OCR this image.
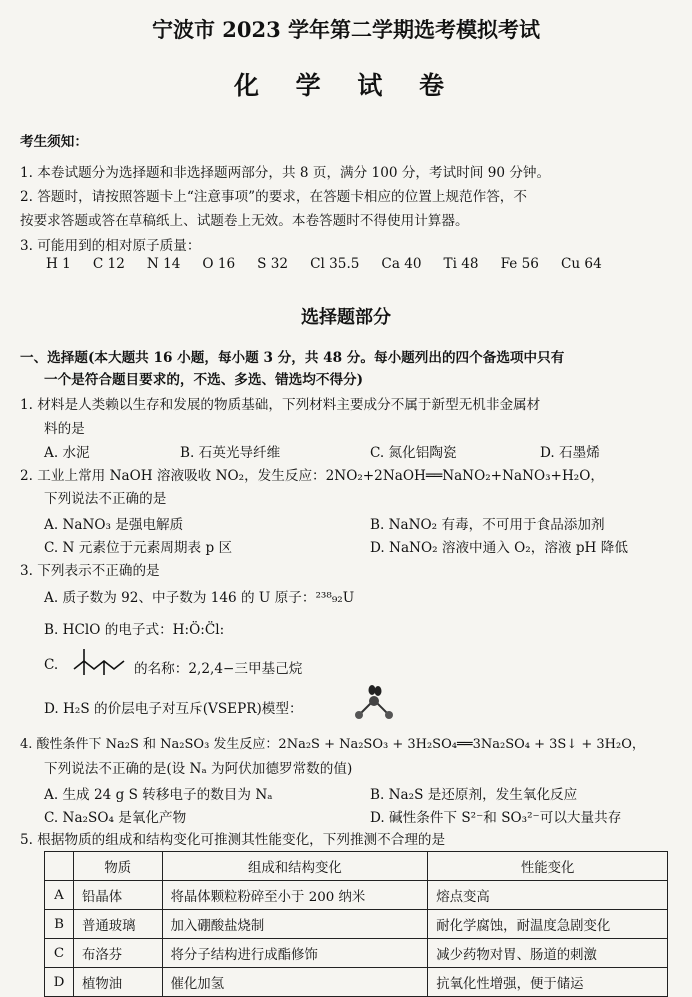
宁波市 2023 学年第二学期选考模拟考试
化 学 试 卷
考生须知：
1. 本卷试题分为选择题和非选择题两部分，共 8 页，满分 100 分，考试时间 90 分钟。
2. 答题时，请按照答题卡上“注意事项”的要求，在答题卡相应的位置上规范作答，不
按要求答题或答在草稿纸上、试题卷上无效。本卷答题时不得使用计算器。
3. 可能用到的相对原子质量：
H 1 C 12 N 14 O 16 S 32 Cl 35.5 Ca 40 Ti 48 Fe 56 Cu 64
选择题部分
一、选择题(本大题共 16 小题，每小题 3 分，共 48 分。每小题列出的四个备选项中只有
一个是符合题目要求的，不选、多选、错选均不得分)
1. 材料是人类赖以生存和发展的物质基础，下列材料主要成分不属于新型无机非金属材
料的是
A. 水泥	B. 石英光导纤维	C. 氮化铝陶瓷	D. 石墨烯
2. 工业上常用 NaOH 溶液吸收 NO₂，发生反应：2NO₂+2NaOH══NaNO₂+NaNO₃+H₂O，
下列说法不正确的是
A. NaNO₃ 是强电解质	B. NaNO₂ 有毒，不可用于食品添加剂
C. N 元素位于元素周期表 p 区	D. NaNO₂ 溶液中通入 O₂，溶液 pH 降低
3. 下列表示不正确的是
A. 质子数为 92、中子数为 146 的 U 原子：²³⁸₉₂U
B. HClO 的电子式：H:Ö:C̈l:
C.	的名称：2,2,4−三甲基己烷
D. H₂S 的价层电子对互斥(VSEPR)模型：
4. 酸性条件下 Na₂S 和 Na₂SO₃ 发生反应：2Na₂S + Na₂SO₃ + 3H₂SO₄══3Na₂SO₄ + 3S↓ + 3H₂O，
下列说法不正确的是(设 Nₐ 为阿伏加德罗常数的值)
A. 生成 24 g S 转移电子的数目为 Nₐ	B. Na₂S 是还原剂，发生氧化反应
C. Na₂SO₄ 是氧化产物	D. 碱性条件下 S²⁻和 SO₃²⁻可以大量共存
5. 根据物质的组成和结构变化可推测其性能变化，下列推测不合理的是
	物质	组成和结构变化	性能变化
A	铅晶体	将晶体颗粒粉碎至小于 200 纳米	熔点变高
B	普通玻璃	加入硼酸盐烧制	耐化学腐蚀，耐温度急剧变化
C	布洛芬	将分子结构进行成酯修饰	减少药物对胃、肠道的刺激
D	植物油	催化加氢	抗氧化性增强，便于储运
